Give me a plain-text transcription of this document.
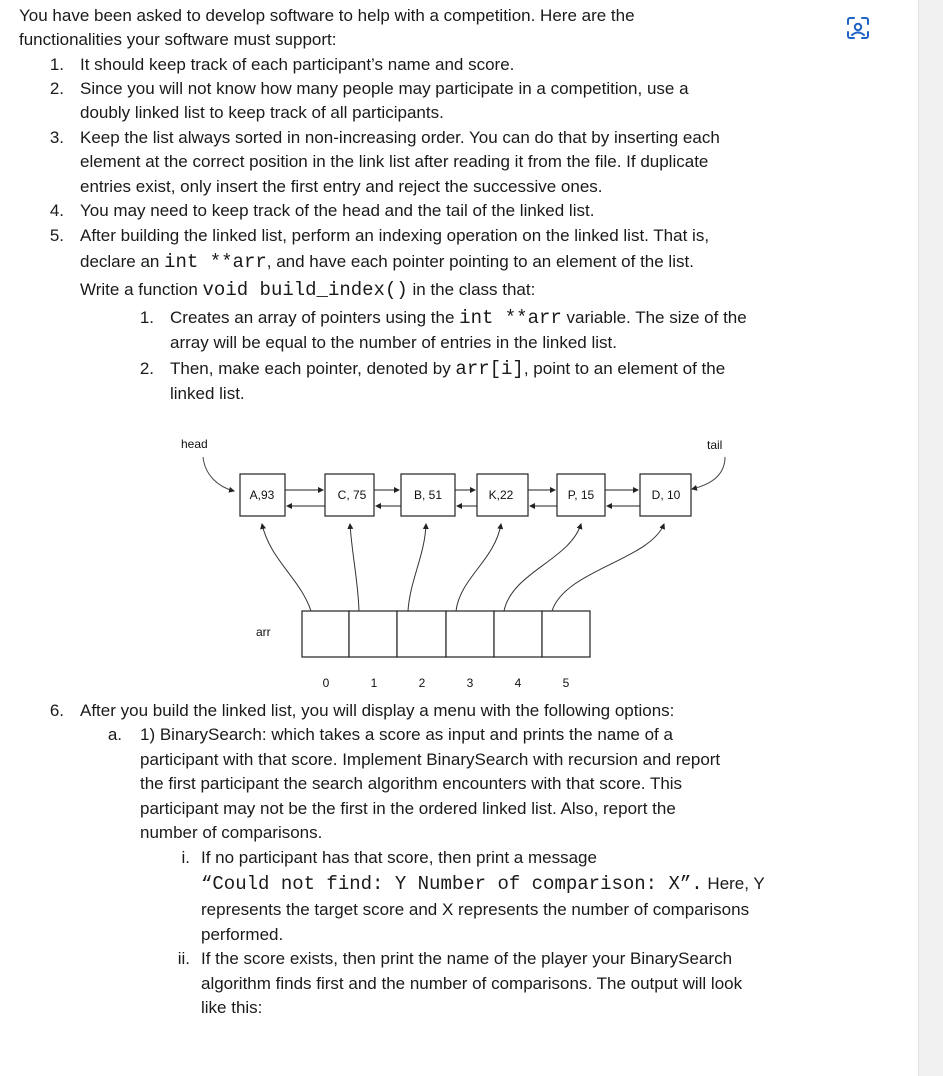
You have been asked to develop software to help with a competition. Here are the
functionalities your software must support:
1. It should keep track of each participant’s name and score.
2. Since you will not know how many people may participate in a competition, use a
doubly linked list to keep track of all participants.
3. Keep the list always sorted in non-increasing order. You can do that by inserting each
element at the correct position in the link list after reading it from the file. If duplicate
entries exist, only insert the first entry and reject the successive ones.
4. You may need to keep track of the head and the tail of the linked list.
5. After building the linked list, perform an indexing operation on the linked list. That is,
declare an int **arr, and have each pointer pointing to an element of the list.
Write a function void build_index() in the class that:
1. Creates an array of pointers using the int **arr variable. The size of the
array will be equal to the number of entries in the linked list.
2. Then, make each pointer, denoted by arr[i], point to an element of the
linked list.
head	tail
A,93	C, 75	B, 51	K,22	P, 15	D, 10
arr
0	1	2	3	4	5
6. After you build the linked list, you will display a menu with the following options:
a. 1) BinarySearch: which takes a score as input and prints the name of a
participant with that score. Implement BinarySearch with recursion and report
the first participant the search algorithm encounters with that score. This
participant may not be the first in the ordered linked list. Also, report the
number of comparisons.
i. If no participant has that score, then print a message
“Could not find: Y Number of comparison: X”. Here, Y
represents the target score and X represents the number of comparisons
performed.
ii. If the score exists, then print the name of the player your BinarySearch
algorithm finds first and the number of comparisons. The output will look
like this:
